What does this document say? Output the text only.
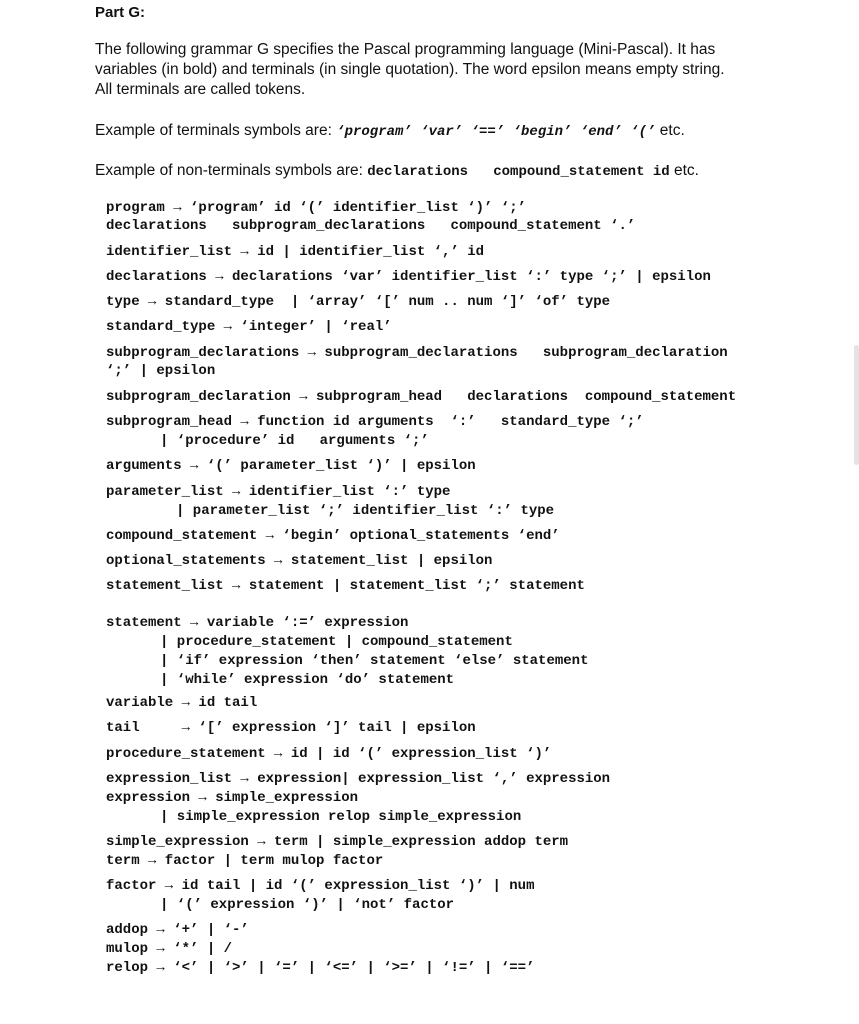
Part G:
The following grammar G specifies the Pascal programming language (Mini-Pascal). It has
variables (in bold) and terminals (in single quotation). The word epsilon means empty string.
All terminals are called tokens.
Example of terminals symbols are: ‘program’ ‘var’ ‘==’ ‘begin’ ‘end’ ‘(’ etc.
Example of non-terminals symbols are: declarations   compound_statement id etc.
program → ‘program’ id ‘(’ identifier_list ‘)’ ‘;’
declarations   subprogram_declarations   compound_statement ‘.’
identifier_list → id | identifier_list ‘,’ id
declarations → declarations ‘var’ identifier_list ‘:’ type ‘;’ | epsilon
type → standard_type  | ‘array’ ‘[’ num .. num ‘]’ ‘of’ type
standard_type → ‘integer’ | ‘real’
subprogram_declarations → subprogram_declarations   subprogram_declaration
‘;’ | epsilon
subprogram_declaration → subprogram_head   declarations  compound_statement
subprogram_head → function id arguments  ‘:’   standard_type ‘;’
| ‘procedure’ id   arguments ‘;’
arguments → ‘(’ parameter_list ‘)’ | epsilon
parameter_list → identifier_list ‘:’ type
| parameter_list ‘;’ identifier_list ‘:’ type
compound_statement → ‘begin’ optional_statements ‘end’
optional_statements → statement_list | epsilon
statement_list → statement | statement_list ‘;’ statement
statement → variable ‘:=’ expression
| procedure_statement | compound_statement
| ‘if’ expression ‘then’ statement ‘else’ statement
| ‘while’ expression ‘do’ statement
variable → id tail
tail     → ‘[’ expression ‘]’ tail | epsilon
procedure_statement → id | id ‘(’ expression_list ‘)’
expression_list → expression| expression_list ‘,’ expression
expression → simple_expression
| simple_expression relop simple_expression
simple_expression → term | simple_expression addop term
term → factor | term mulop factor
factor → id tail | id ‘(’ expression_list ‘)’ | num
| ‘(’ expression ‘)’ | ‘not’ factor
addop → ‘+’ | ‘-’
mulop → ‘*’ | /
relop → ‘<’ | ‘>’ | ‘=’ | ‘<=’ | ‘>=’ | ‘!=’ | ‘==’
